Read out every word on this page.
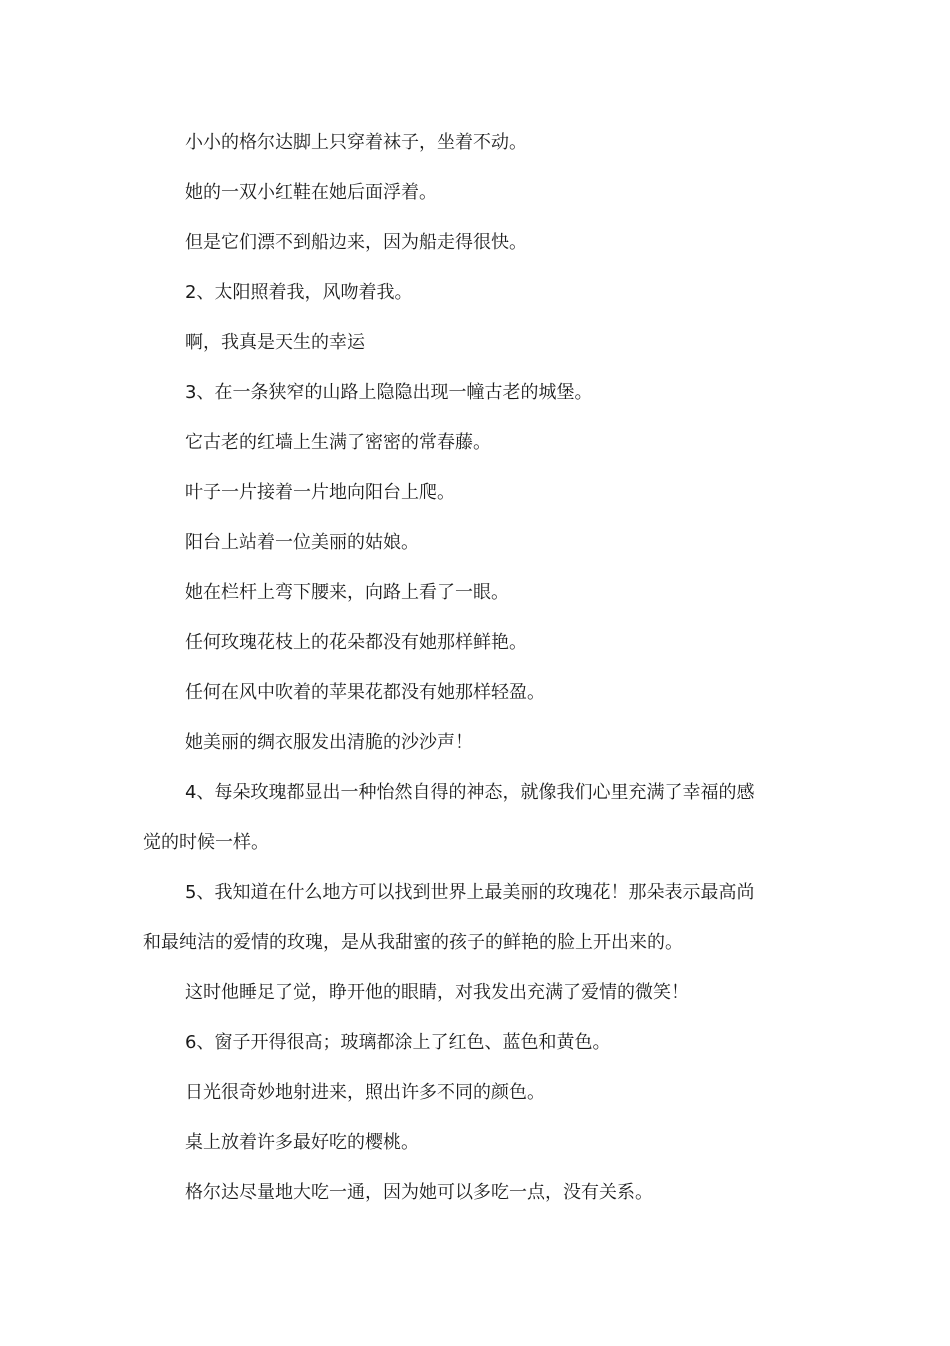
小小的格尔达脚上只穿着袜子，坐着不动。

她的一双小红鞋在她后面浮着。

但是它们漂不到船边来，因为船走得很快。

2、太阳照着我，风吻着我。

啊，我真是天生的幸运

3、在一条狭窄的山路上隐隐出现一幢古老的城堡。

它古老的红墙上生满了密密的常春藤。

叶子一片接着一片地向阳台上爬。

阳台上站着一位美丽的姑娘。

她在栏杆上弯下腰来，向路上看了一眼。

任何玫瑰花枝上的花朵都没有她那样鲜艳。

任何在风中吹着的苹果花都没有她那样轻盈。

她美丽的绸衣服发出清脆的沙沙声！

4、每朵玫瑰都显出一种怡然自得的神态，就像我们心里充满了幸福的感觉的时候一样。

5、我知道在什么地方可以找到世界上最美丽的玫瑰花！那朵表示最高尚和最纯洁的爱情的玫瑰，是从我甜蜜的孩子的鲜艳的脸上开出来的。

这时他睡足了觉，睁开他的眼睛，对我发出充满了爱情的微笑！

6、窗子开得很高；玻璃都涂上了红色、蓝色和黄色。

日光很奇妙地射进来，照出许多不同的颜色。

桌上放着许多最好吃的樱桃。

格尔达尽量地大吃一通，因为她可以多吃一点，没有关系。
